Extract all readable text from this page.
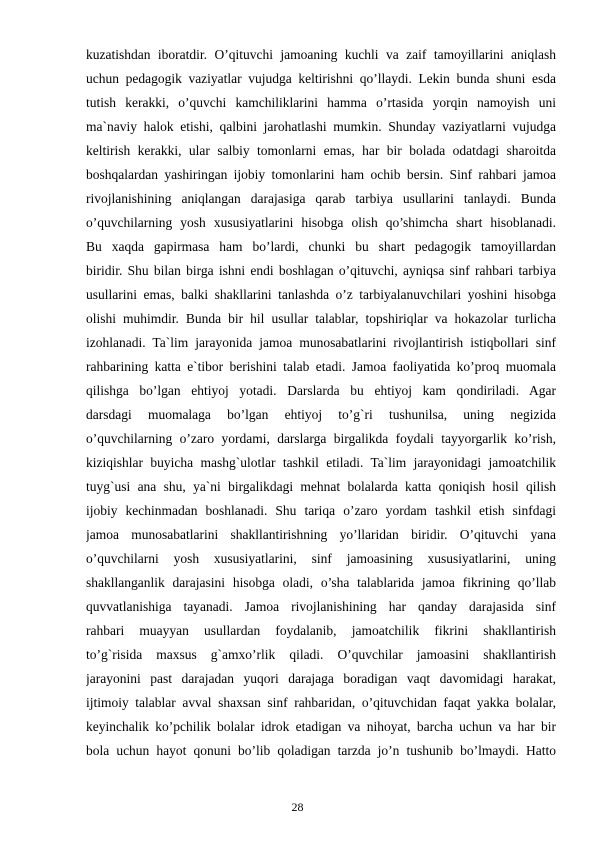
kuzatishdan iboratdir. O’qituvchi jamoaning kuchli va zaif tamoyillarini aniqlash
uchun pedagogik vaziyatlar vujudga keltirishni qo’llaydi. Lekin bunda shuni esda
tutish kerakki, o’quvchi kamchiliklarini hamma o’rtasida yorqin namoyish uni
ma`naviy halok etishi, qalbini jarohatlashi mumkin. Shunday vaziyatlarni vujudga
keltirish kerakki, ular salbiy tomonlarni emas, har bir bolada odatdagi sharoitda
boshqalardan yashiringan ijobiy tomonlarini ham ochib bersin. Sinf rahbari jamoa
rivojlanishining aniqlangan darajasiga qarab tarbiya usullarini tanlaydi. Bunda
o’quvchilarning yosh xususiyatlarini hisobga olish qo’shimcha shart hisoblanadi.
Bu xaqda gapirmasa ham bo’lardi, chunki bu shart pedagogik tamoyillardan
biridir. Shu bilan birga ishni endi boshlagan o’qituvchi, ayniqsa sinf rahbari tarbiya
usullarini emas, balki shakllarini tanlashda o’z tarbiyalanuvchilari yoshini hisobga
olishi muhimdir. Bunda bir hil usullar talablar, topshiriqlar va hokazolar turlicha
izohlanadi. Ta`lim jarayonida jamoa munosabatlarini rivojlantirish istiqbollari sinf
rahbarining katta e`tibor berishini talab etadi. Jamoa faoliyatida ko’proq muomala
qilishga bo’lgan ehtiyoj yotadi. Darslarda bu ehtiyoj kam qondiriladi. Agar
darsdagi muomalaga bo’lgan ehtiyoj to’g`ri tushunilsa, uning negizida
o’quvchilarning o’zaro yordami, darslarga birgalikda foydali tayyorgarlik ko’rish,
kiziqishlar buyicha mashg`ulotlar tashkil etiladi. Ta`lim jarayonidagi jamoatchilik
tuyg`usi ana shu, ya`ni birgalikdagi mehnat bolalarda katta qoniqish hosil qilish
ijobiy kechinmadan boshlanadi. Shu tariqa o’zaro yordam tashkil etish sinfdagi
jamoa munosabatlarini shakllantirishning yo’llaridan biridir. O’qituvchi yana
o’quvchilarni yosh xususiyatlarini, sinf jamoasining xususiyatlarini, uning
shakllanganlik darajasini hisobga oladi, o’sha talablarida jamoa fikrining qo’llab
quvvatlanishiga tayanadi. Jamoa rivojlanishining har qanday darajasida sinf
rahbari muayyan usullardan foydalanib, jamoatchilik fikrini shakllantirish
to’g`risida maxsus g`amxo’rlik qiladi. O’quvchilar jamoasini shakllantirish
jarayonini past darajadan yuqori darajaga boradigan vaqt davomidagi harakat,
ijtimoiy talablar avval shaxsan sinf rahbaridan, o’qituvchidan faqat yakka bolalar,
keyinchalik ko’pchilik bolalar idrok etadigan va nihoyat, barcha uchun va har bir
bola uchun hayot qonuni bo’lib qoladigan tarzda jo’n tushunib bo’lmaydi. Hatto
28
